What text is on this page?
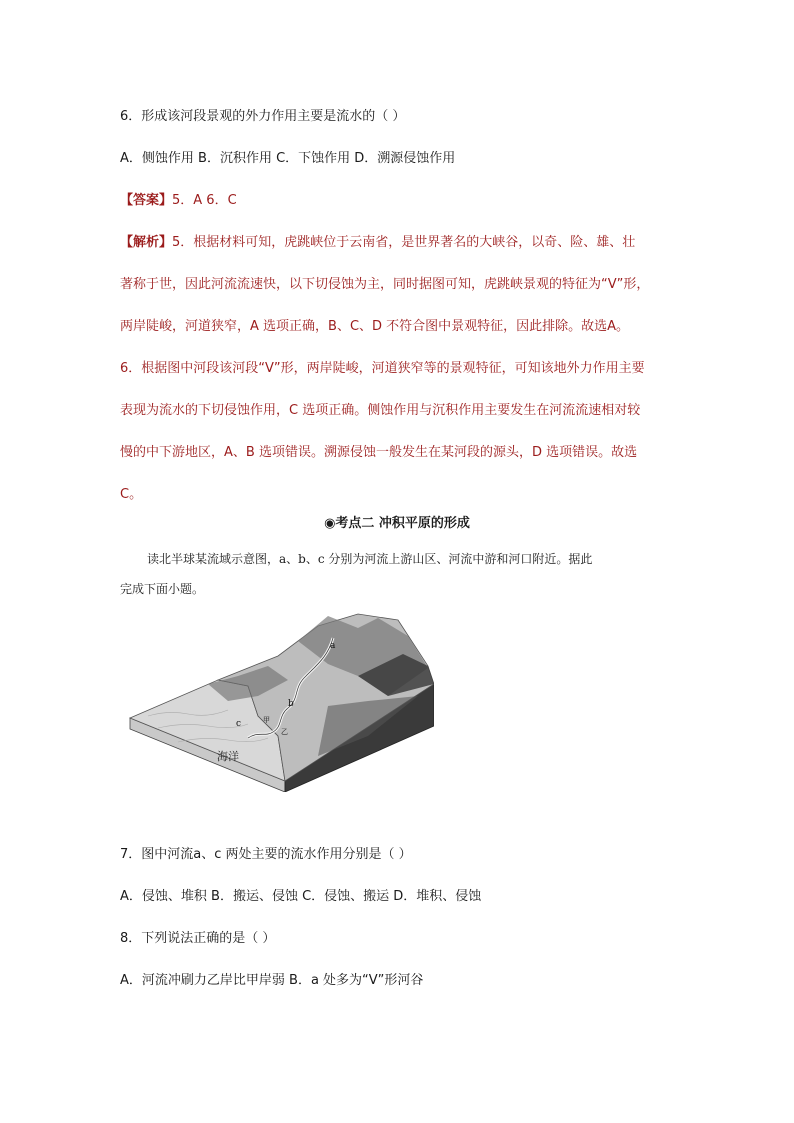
6．形成该河段景观的外力作用主要是流水的（ ）
A．侧蚀作用 B．沉积作用 C．下蚀作用 D．溯源侵蚀作用
【答案】5．A 6．C
【解析】5．根据材料可知，虎跳峡位于云南省，是世界著名的大峡谷，以奇、险、雄、壮
著称于世，因此河流流速快，以下切侵蚀为主，同时据图可知，虎跳峡景观的特征为“V”形，
两岸陡峻，河道狭窄，A 选项正确，B、C、D 不符合图中景观特征，因此排除。故选A。
6．根据图中河段该河段“V”形，两岸陡峻，河道狭窄等的景观特征，可知该地外力作用主要
表现为流水的下切侵蚀作用，C 选项正确。侧蚀作用与沉积作用主要发生在河流流速相对较
慢的中下游地区，A、B 选项错误。溯源侵蚀一般发生在某河段的源头，D 选项错误。故选
C。
◉考点二 冲积平原的形成
读北半球某流域示意图，a、b、c 分别为河流上游山区、河流中游和河口附近。据此
完成下面小题。
a
b
c	甲
乙
海洋
7．图中河流a、c 两处主要的流水作用分别是（ ）
A．侵蚀、堆积 B．搬运、侵蚀 C．侵蚀、搬运 D．堆积、侵蚀
8．下列说法正确的是（ ）
A．河流冲刷力乙岸比甲岸弱 B．a 处多为“V”形河谷
